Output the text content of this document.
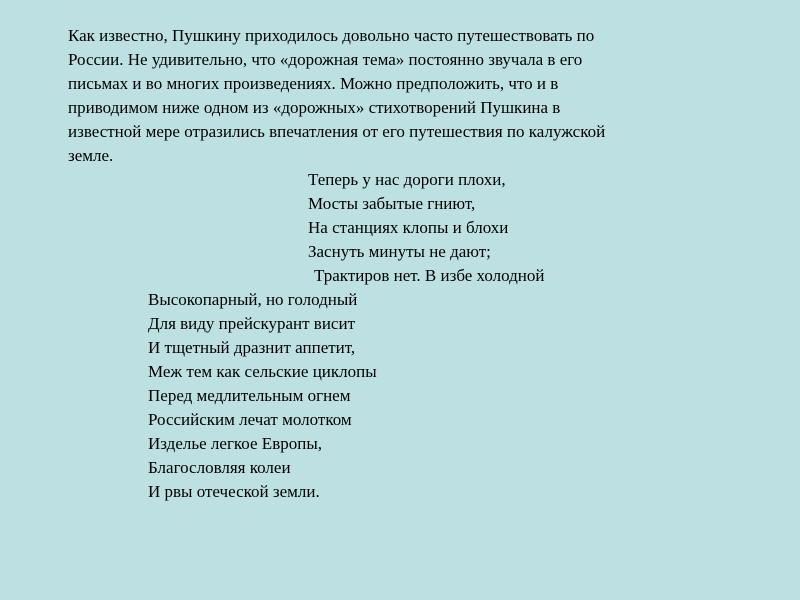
Как известно, Пушкину приходилось довольно часто путешествовать по
России. Не удивительно, что «дорожная тема» постоянно звучала в его
письмах и во многих произведениях. Можно предположить, что и в
приводимом ниже одном из «дорожных» стихотворений Пушкина в
известной мере отразились впечатления от его путешествия по калужской
земле.
Теперь у нас дороги плохи,
Мосты забытые гниют,
На станциях клопы и блохи
Заснуть минуты не дают;
Трактиров нет. В избе холодной
Высокопарный, но голодный
Для виду прейскурант висит
И тщетный дразнит аппетит,
Меж тем как сельские циклопы
Перед медлительным огнем
Российским лечат молотком
Изделье легкое Европы,
Благословляя колеи
И рвы отеческой земли.
